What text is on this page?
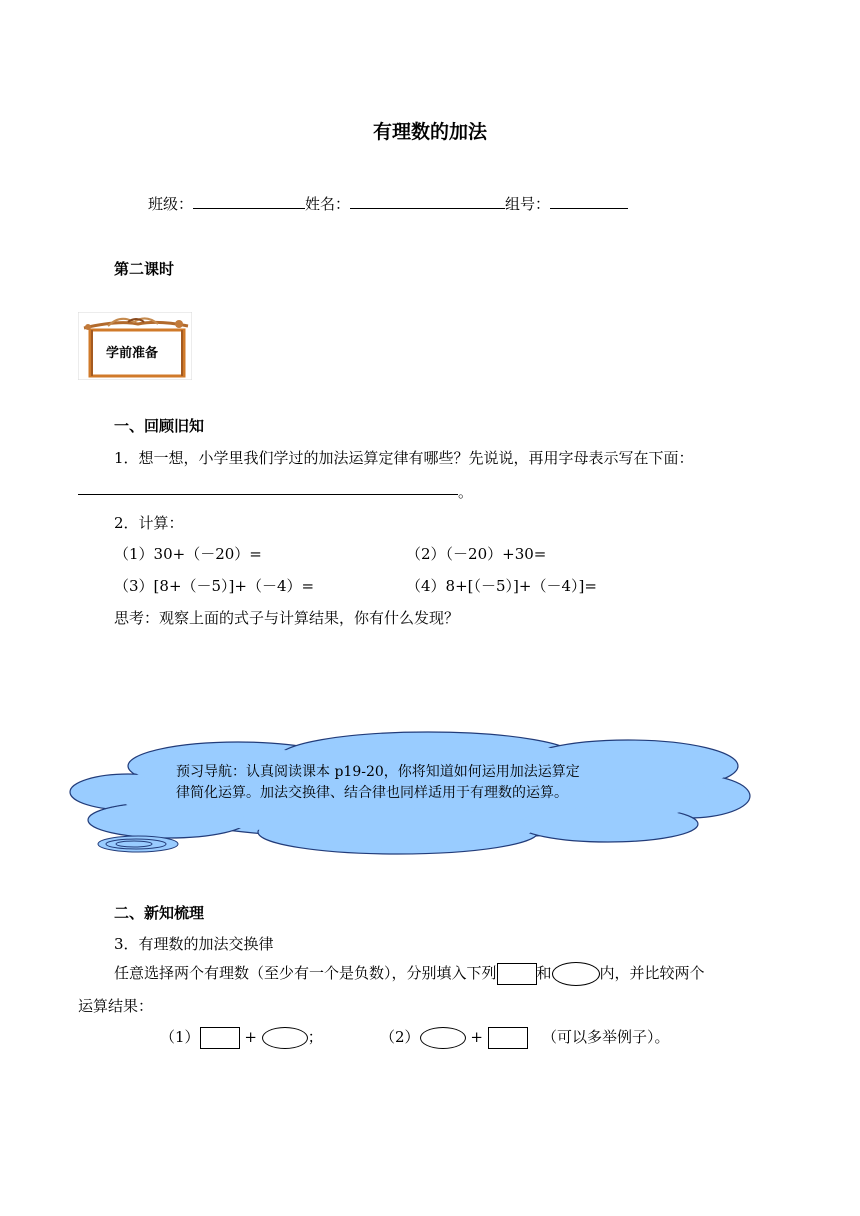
有理数的加法
班级：	姓名：	组号：
第二课时
学前准备
一、回顾旧知
1．想一想，小学里我们学过的加法运算定律有哪些？先说说，再用字母表示写在下面：
。
2．计算：
（1）30+（－20）=	（2）（－20）+30=
（3）[8+（－5）]+（－4）=	（4）8+[（－5）]+（－4）]=
思考：观察上面的式子与计算结果，你有什么发现？
预习导航：认真阅读课本 p19-20，你将知道如何运用加法运算定
律简化运算。加法交换律、结合律也同样适用于有理数的运算。
二、新知梳理
3．有理数的加法交换律
任意选择两个有理数（至少有一个是负数），分别填入下列	和	内，并比较两个
运算结果：
（1）	+	；	（2）	+	（可以多举例子）。
